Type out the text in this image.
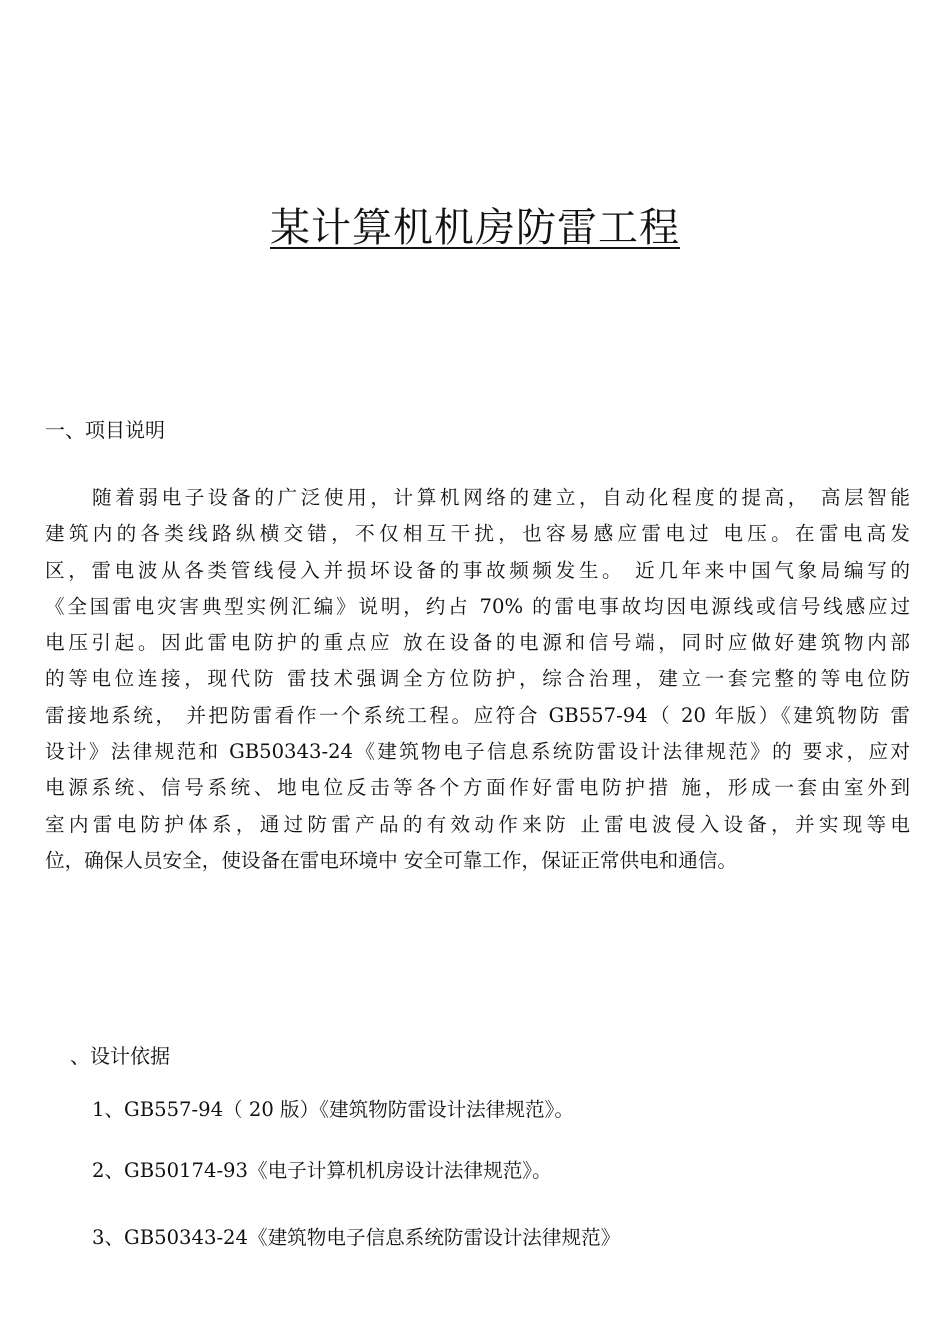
某计算机机房防雷工程
一、项目说明
随着弱电子设备的广泛使用，计算机网络的建立，自动化程度的提高， 高层智能
建筑内的各类线路纵横交错，不仅相互干扰，也容易感应雷电过 电压。在雷电高发
区，雷电波从各类管线侵入并损坏设备的事故频频发生。 近几年来中国气象局编写的
《全国雷电灾害典型实例汇编》说明，约占 70% 的雷电事故均因电源线或信号线感应过
电压引起。因此雷电防护的重点应 放在设备的电源和信号端，同时应做好建筑物内部
的等电位连接，现代防 雷技术强调全方位防护，综合治理，建立一套完整的等电位防
雷接地系统， 并把防雷看作一个系统工程。应符合 GB557-94（ 20 年版）《建筑物防 雷
设计》法律规范和 GB50343-24《建筑物电子信息系统防雷设计法律规范》的 要求，应对
电源系统、信号系统、地电位反击等各个方面作好雷电防护措 施，形成一套由室外到
室内雷电防护体系，通过防雷产品的有效动作来防 止雷电波侵入设备，并实现等电
位，确保人员安全，使设备在雷电环境中 安全可靠工作，保证正常供电和通信。
、设计依据
1、GB557-94（ 20 版）《建筑物防雷设计法律规范》。
2、GB50174-93《电子计算机机房设计法律规范》。
3、GB50343-24《建筑物电子信息系统防雷设计法律规范》
